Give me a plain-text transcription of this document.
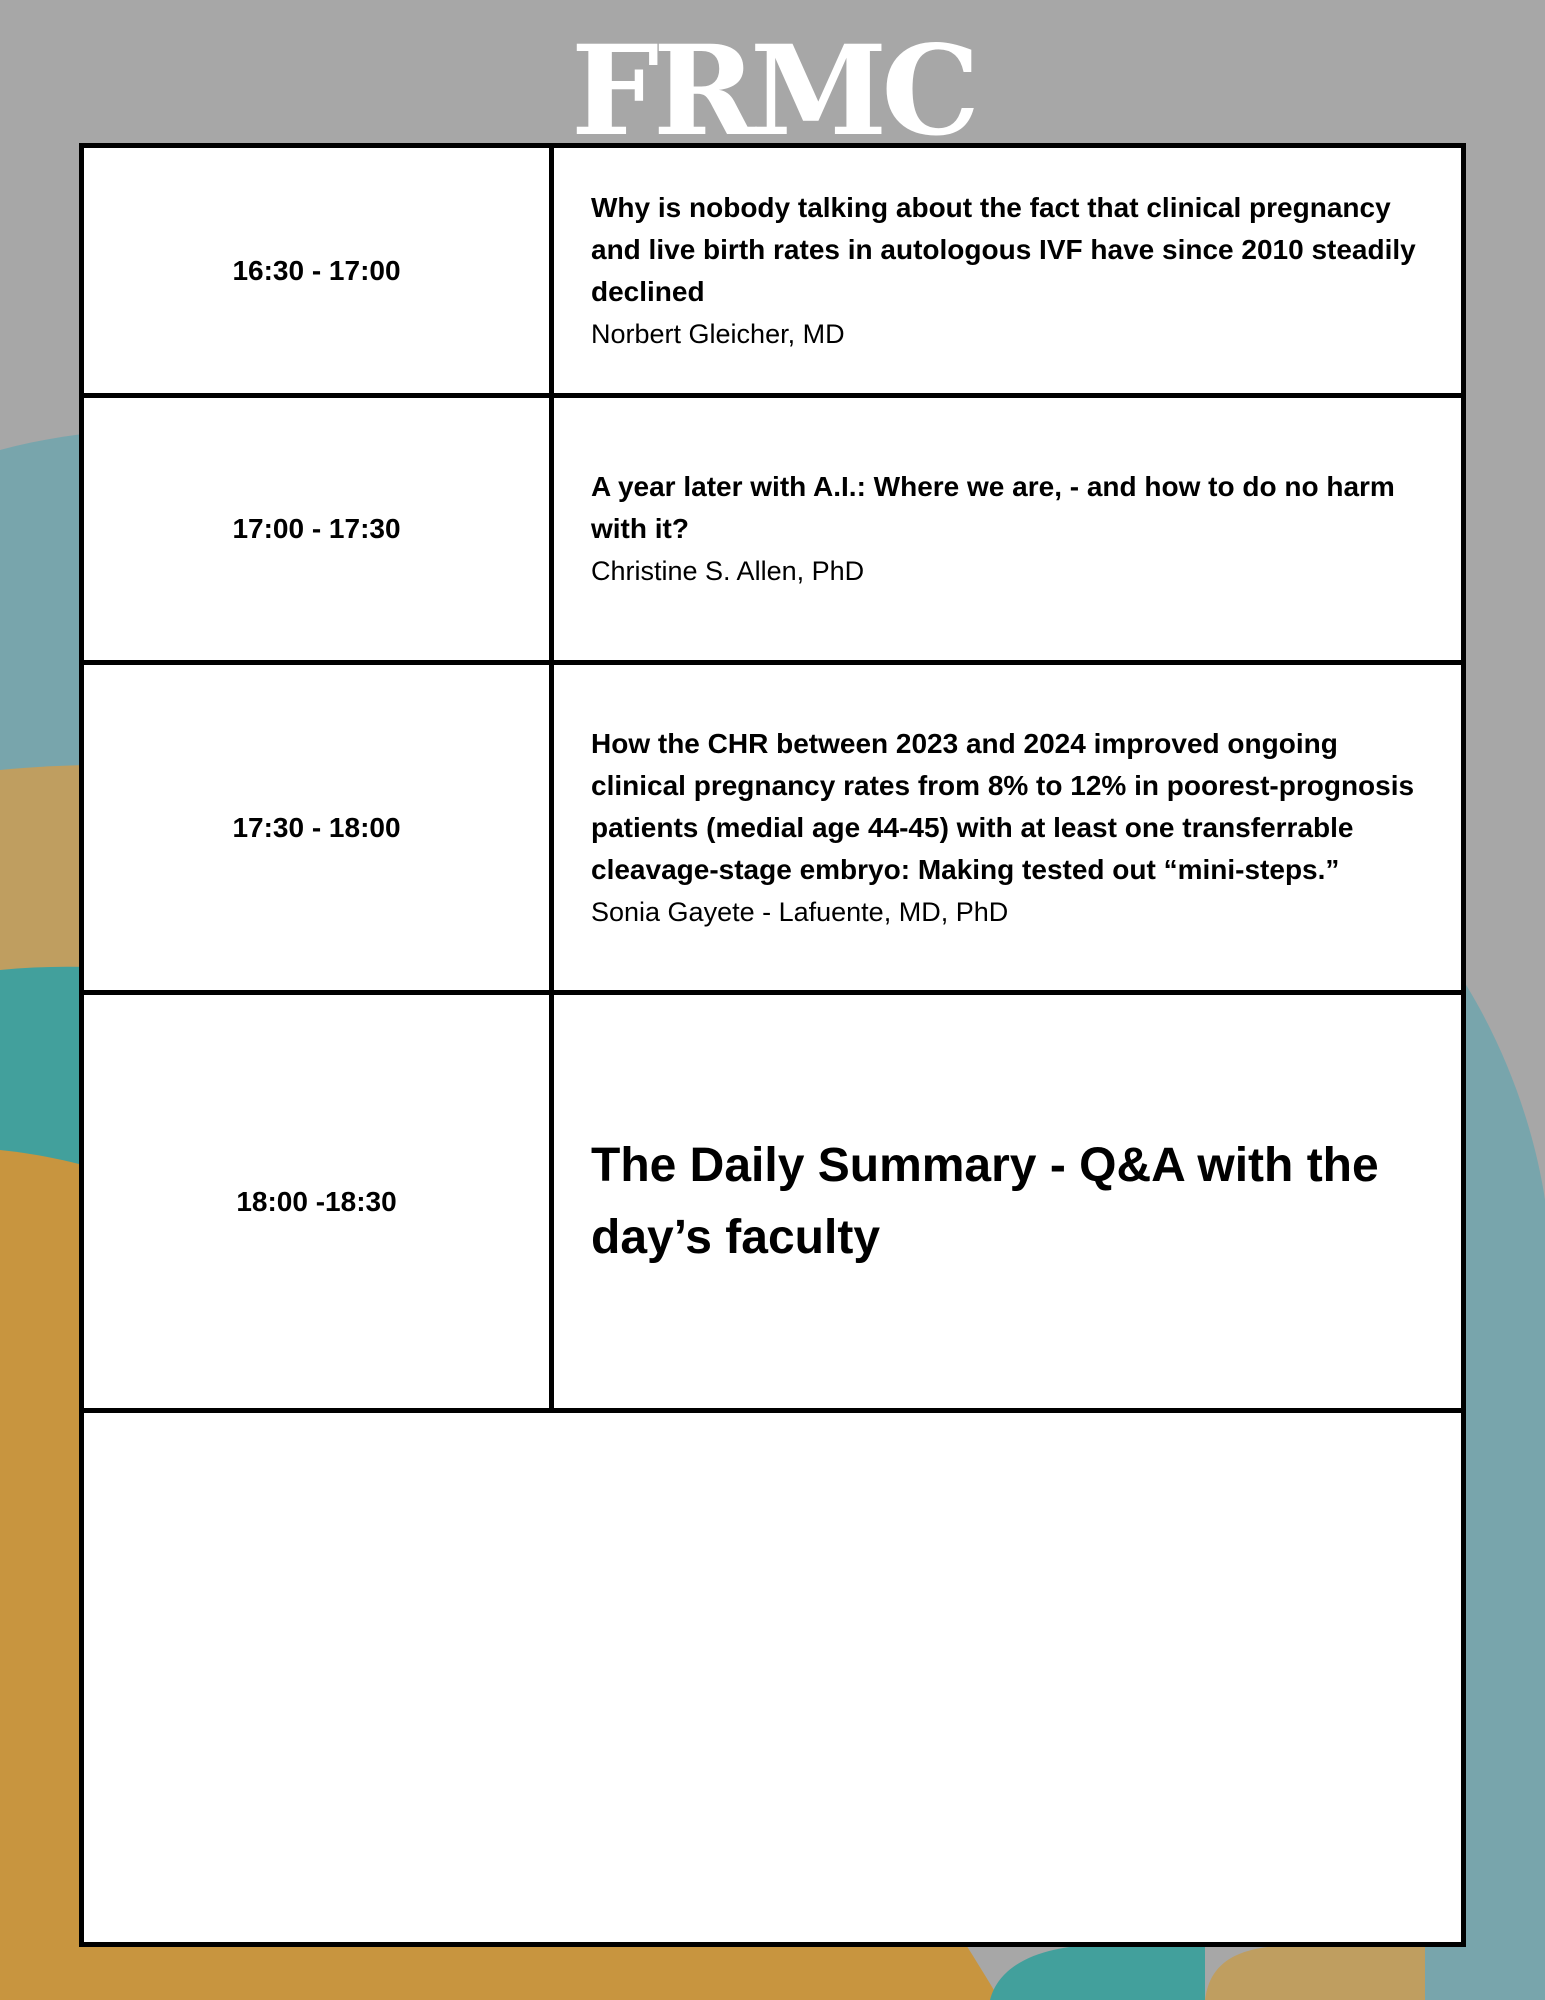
FRMC
16:30 - 17:00
Why is nobody talking about the fact that clinical pregnancy and live birth rates in autologous IVF have since 2010 steadily declined
Norbert Gleicher, MD
17:00 - 17:30
A year later with A.I.: Where we are, - and how to do no harm with it?
Christine S. Allen, PhD
17:30 - 18:00
How the CHR between 2023 and 2024 improved ongoing clinical pregnancy rates from 8% to 12% in poorest-prognosis patients (medial age 44-45) with at least one transferrable cleavage-stage embryo: Making tested out “mini-steps.”
Sonia Gayete - Lafuente, MD, PhD
18:00 -18:30
The Daily Summary - Q&A with the day’s faculty
